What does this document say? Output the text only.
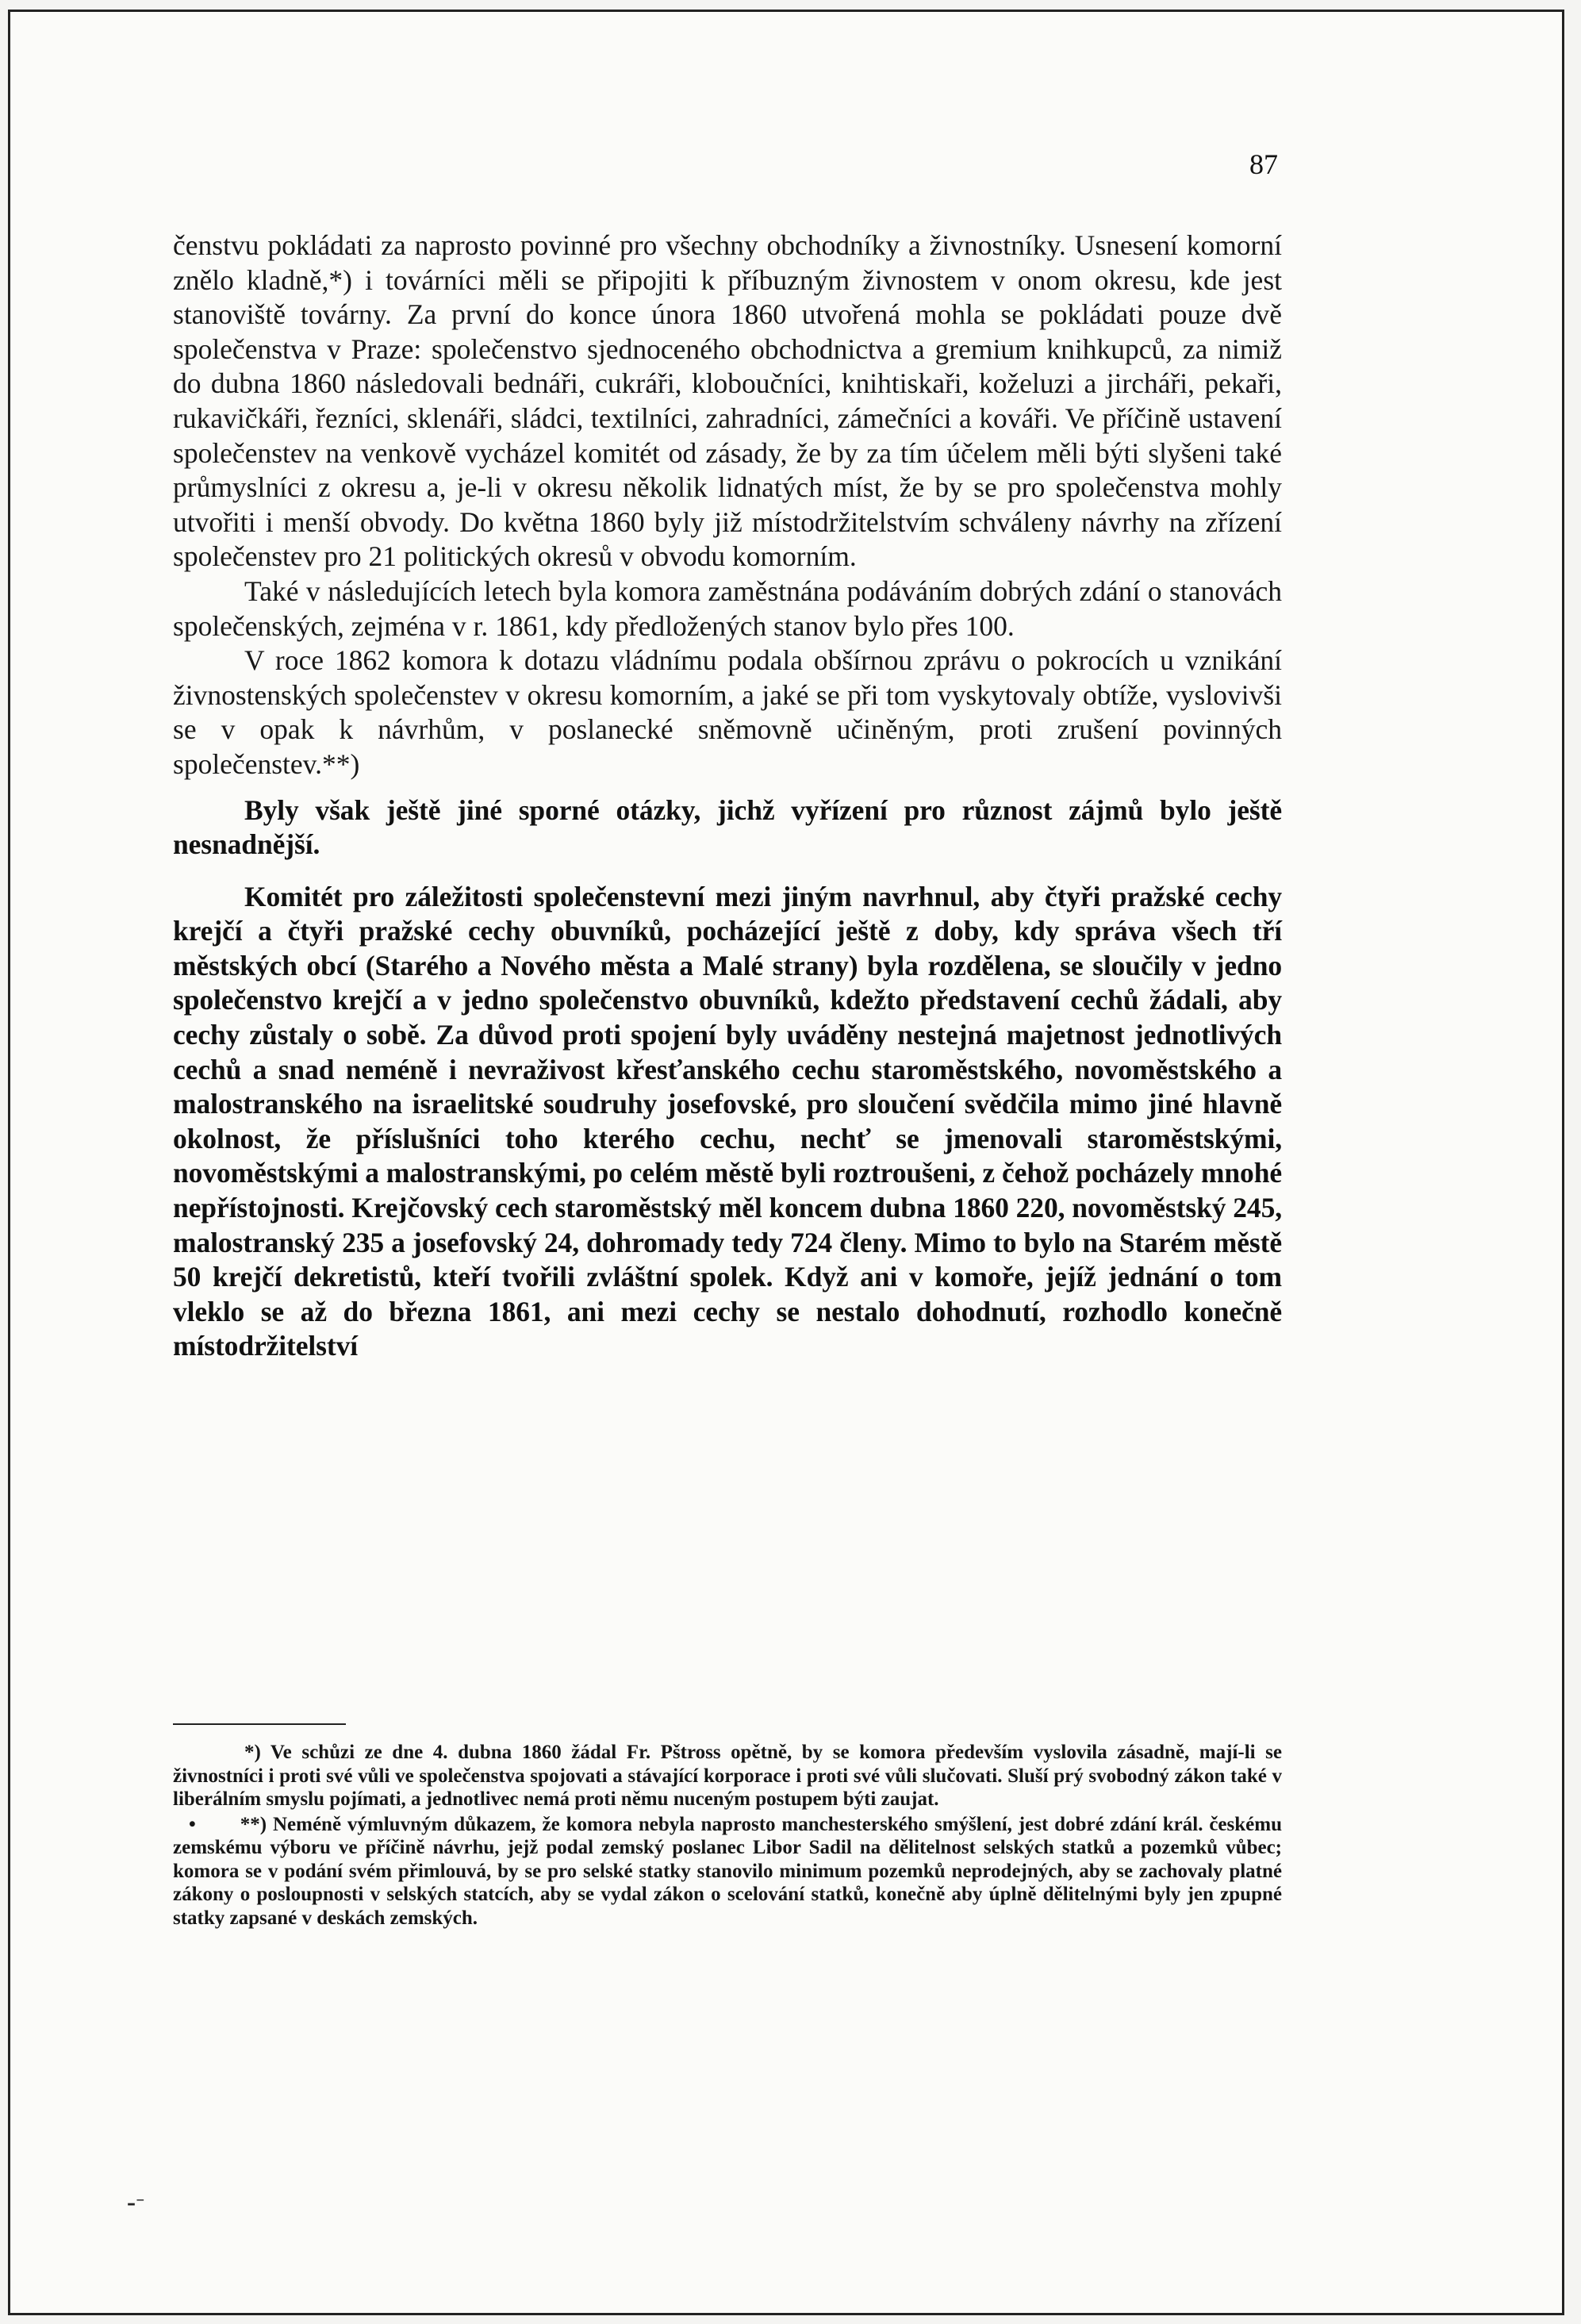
87

čenstvu pokládati za naprosto povinné pro všechny obchodníky a živnostníky. Usnesení komorní znělo kladně,*) i továrníci měli se připojiti k příbuzným živnostem v onom okresu, kde jest stanoviště továrny. Za první do konce února 1860 utvořená mohla se pokládati pouze dvě společenstva v Praze: společenstvo sjednoceného obchodnictva a gremium knihkupců, za nimiž do dubna 1860 následovali bednáři, cukráři, kloboučníci, knihtiskaři, koželuzi a jircháři, pekaři, rukavičkáři, řezníci, sklenáři, sládci, textilníci, zahradníci, zámečníci a kováři. Ve příčině ustavení společenstev na venkově vycházel komitét od zásady, že by za tím účelem měli býti slyšeni také průmyslníci z okresu a, je-li v okresu několik lidnatých míst, že by se pro společenstva mohly utvořiti i menší obvody. Do května 1860 byly již místodržitelstvím schváleny návrhy na zřízení společenstev pro 21 politických okresů v obvodu komorním.

Také v následujících letech byla komora zaměstnána podáváním dobrých zdání o stanovách společenských, zejména v r. 1861, kdy předložených stanov bylo přes 100.

V roce 1862 komora k dotazu vládnímu podala obšírnou zprávu o pokrocích u vznikání živnostenských společenstev v okresu komorním, a jaké se při tom vyskytovaly obtíže, vyslovivši se v opak k návrhům, v poslanecké sněmovně učiněným, proti zrušení povinných společenstev.**)

Byly však ještě jiné sporné otázky, jichž vyřízení pro různost zájmů bylo ještě nesnadnější.

Komitét pro záležitosti společenstevní mezi jiným navrhnul, aby čtyři pražské cechy krejčí a čtyři pražské cechy obuvníků, pocházející ještě z doby, kdy správa všech tří městských obcí (Starého a Nového města a Malé strany) byla rozdělena, se sloučily v jedno společenstvo krejčí a v jedno společenstvo obuvníků, kdežto představení cechů žádali, aby cechy zůstaly o sobě. Za důvod proti spojení byly uváděny nestejná majetnost jednotlivých cechů a snad neméně i nevraživost křesťanského cechu staroměstského, novoměstského a malostranského na israelitské soudruhy josefovské, pro sloučení svědčila mimo jiné hlavně okolnost, že příslušníci toho kterého cechu, nechť se jmenovali staroměstskými, novoměstskými a malostranskými, po celém městě byli roztroušeni, z čehož pocházely mnohé nepřístojnosti. Krejčovský cech staroměstský měl koncem dubna 1860 220, novoměstský 245, malostranský 235 a josefovský 24, dohromady tedy 724 členy. Mimo to bylo na Starém městě 50 krejčí dekretistů, kteří tvořili zvláštní spolek. Když ani v komoře, jejíž jednání o tom vleklo se až do března 1861, ani mezi cechy se nestalo dohodnutí, rozhodlo konečně místodržitelství

*) Ve schůzi ze dne 4. dubna 1860 žádal Fr. Pštross opětně, by se komora především vyslovila zásadně, mají-li se živnostníci i proti své vůli ve společenstva spojovati a stávající korporace i proti své vůli slučovati. Sluší prý svobodný zákon také v liberálním smyslu pojímati, a jednotlivec nemá proti němu nuceným postupem býti zaujat.

• **) Neméně výmluvným důkazem, že komora nebyla naprosto manchesterského smýšlení, jest dobré zdání král. českému zemskému výboru ve příčině návrhu, jejž podal zemský poslanec Libor Sadil na dělitelnost selských statků a pozemků vůbec; komora se v podání svém přimlouvá, by se pro selské statky stanovilo minimum pozemků neprodejných, aby se zachovaly platné zákony o posloupnosti v selských statcích, aby se vydal zákon o scelování statků, konečně aby úplně dělitelnými byly jen zpupné statky zapsané v deskách zemských.

–⁻
